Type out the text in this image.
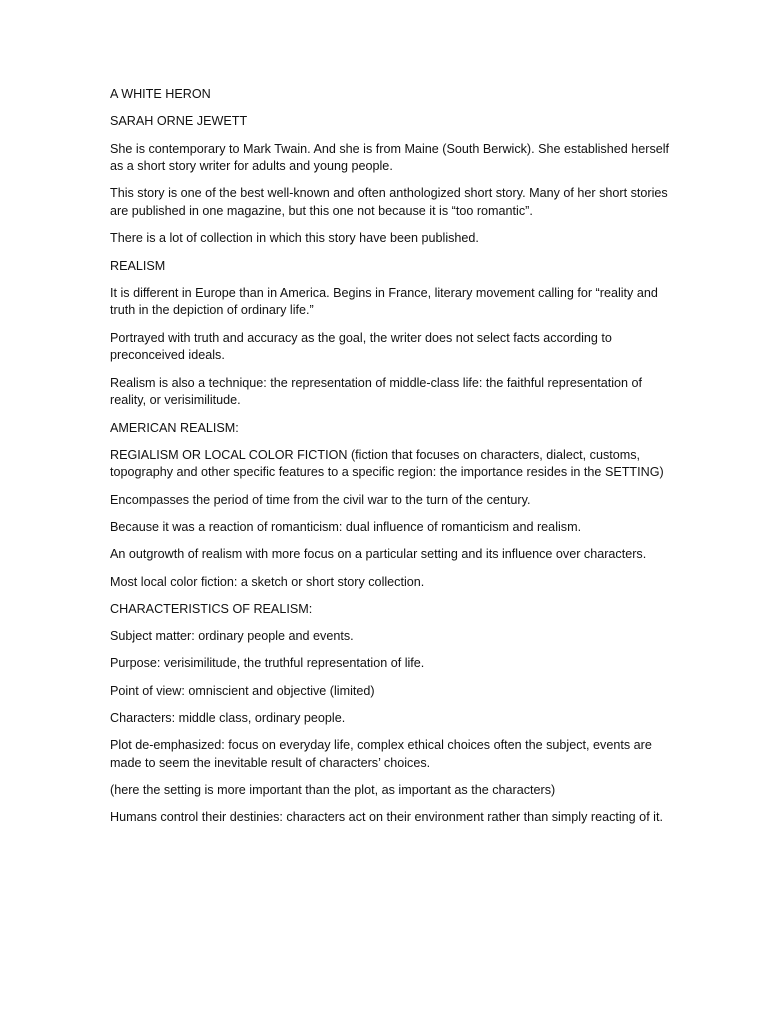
A WHITE HERON

SARAH ORNE JEWETT

She is contemporary to Mark Twain. And she is from Maine (South Berwick). She established herself as a short story writer for adults and young people.

This story is one of the best well-known and often anthologized short story. Many of her short stories are published in one magazine, but this one not because it is “too romantic”.

There is a lot of collection in which this story have been published.

REALISM

It is different in Europe than in America. Begins in France, literary movement calling for “reality and truth in the depiction of ordinary life.”

Portrayed with truth and accuracy as the goal, the writer does not select facts according to preconceived ideals.

Realism is also a technique: the representation of middle-class life: the faithful representation of reality, or verisimilitude.

AMERICAN REALISM:

REGIALISM OR LOCAL COLOR FICTION (fiction that focuses on characters, dialect, customs, topography and other specific features to a specific region: the importance resides in the SETTING)

Encompasses the period of time from the civil war to the turn of the century.

Because it was a reaction of romanticism: dual influence of romanticism and realism.

An outgrowth of realism with more focus on a particular setting and its influence over characters.

Most local color fiction: a sketch or short story collection.

CHARACTERISTICS OF REALISM:

Subject matter: ordinary people and events.

Purpose: verisimilitude, the truthful representation of life.

Point of view: omniscient and objective (limited)

Characters: middle class, ordinary people.

Plot de-emphasized: focus on everyday life, complex ethical choices often the subject, events are made to seem the inevitable result of characters’ choices.

(here the setting is more important than the plot, as important as the characters)

Humans control their destinies: characters act on their environment rather than simply reacting of it.
